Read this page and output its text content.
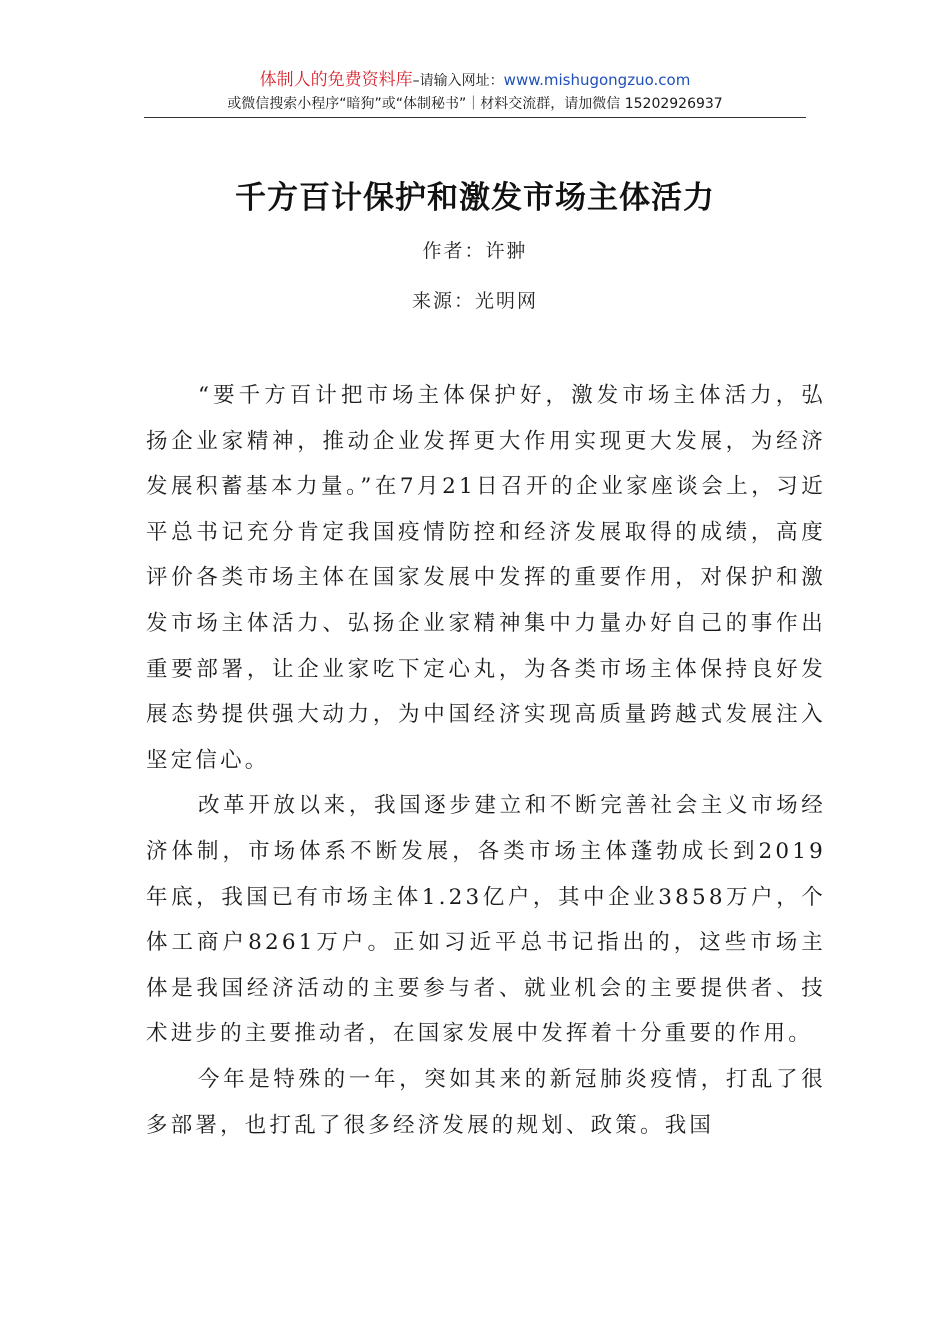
体制人的免费资料库–请输入网址：www.mishugongzuo.com
或微信搜索小程序“暗狗”或“体制秘书”｜材料交流群，请加微信 15202926937
千方百计保护和激发市场主体活力
作者：许翀
来源：光明网

“要千方百计把市场主体保护好，激发市场主体活力，弘扬企业家精神，推动企业发挥更大作用实现更大发展，为经济发展积蓄基本力量。”在7月21日召开的企业家座谈会上，习近平总书记充分肯定我国疫情防控和经济发展取得的成绩，高度评价各类市场主体在国家发展中发挥的重要作用，对保护和激发市场主体活力、弘扬企业家精神集中力量办好自己的事作出重要部署，让企业家吃下定心丸，为各类市场主体保持良好发展态势提供强大动力，为中国经济实现高质量跨越式发展注入坚定信心。

改革开放以来，我国逐步建立和不断完善社会主义市场经济体制，市场体系不断发展，各类市场主体蓬勃成长到2019年底，我国已有市场主体1.23亿户，其中企业3858万户，个体工商户8261万户。正如习近平总书记指出的，这些市场主体是我国经济活动的主要参与者、就业机会的主要提供者、技术进步的主要推动者，在国家发展中发挥着十分重要的作用。

今年是特殊的一年，突如其来的新冠肺炎疫情，打乱了很多部署，也打乱了很多经济发展的规划、政策。我国
